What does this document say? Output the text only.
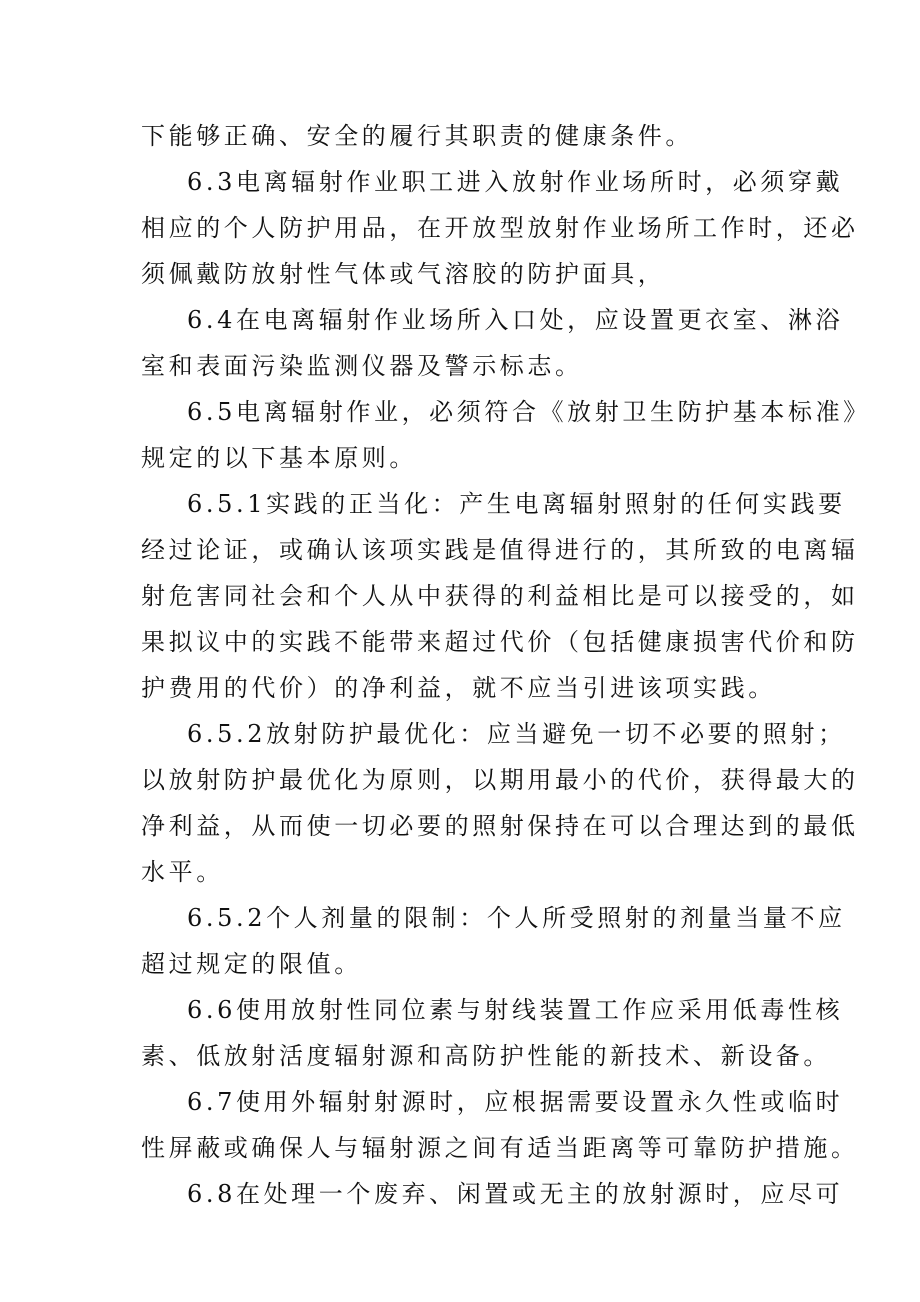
下能够正确、安全的履行其职责的健康条件。
6.3电离辐射作业职工进入放射作业场所时，必须穿戴
相应的个人防护用品，在开放型放射作业场所工作时，还必
须佩戴防放射性气体或气溶胶的防护面具，
6.4在电离辐射作业场所入口处，应设置更衣室、淋浴
室和表面污染监测仪器及警示标志。
6.5电离辐射作业，必须符合《放射卫生防护基本标准》
规定的以下基本原则。
6.5.1实践的正当化：产生电离辐射照射的任何实践要
经过论证，或确认该项实践是值得进行的，其所致的电离辐
射危害同社会和个人从中获得的利益相比是可以接受的，如
果拟议中的实践不能带来超过代价（包括健康损害代价和防
护费用的代价）的净利益，就不应当引进该项实践。
6.5.2放射防护最优化：应当避免一切不必要的照射；
以放射防护最优化为原则，以期用最小的代价，获得最大的
净利益，从而使一切必要的照射保持在可以合理达到的最低
水平。
6.5.2个人剂量的限制：个人所受照射的剂量当量不应
超过规定的限值。
6.6使用放射性同位素与射线装置工作应采用低毒性核
素、低放射活度辐射源和高防护性能的新技术、新设备。
6.7使用外辐射射源时，应根据需要设置永久性或临时
性屏蔽或确保人与辐射源之间有适当距离等可靠防护措施。
6.8在处理一个废弃、闲置或无主的放射源时，应尽可
